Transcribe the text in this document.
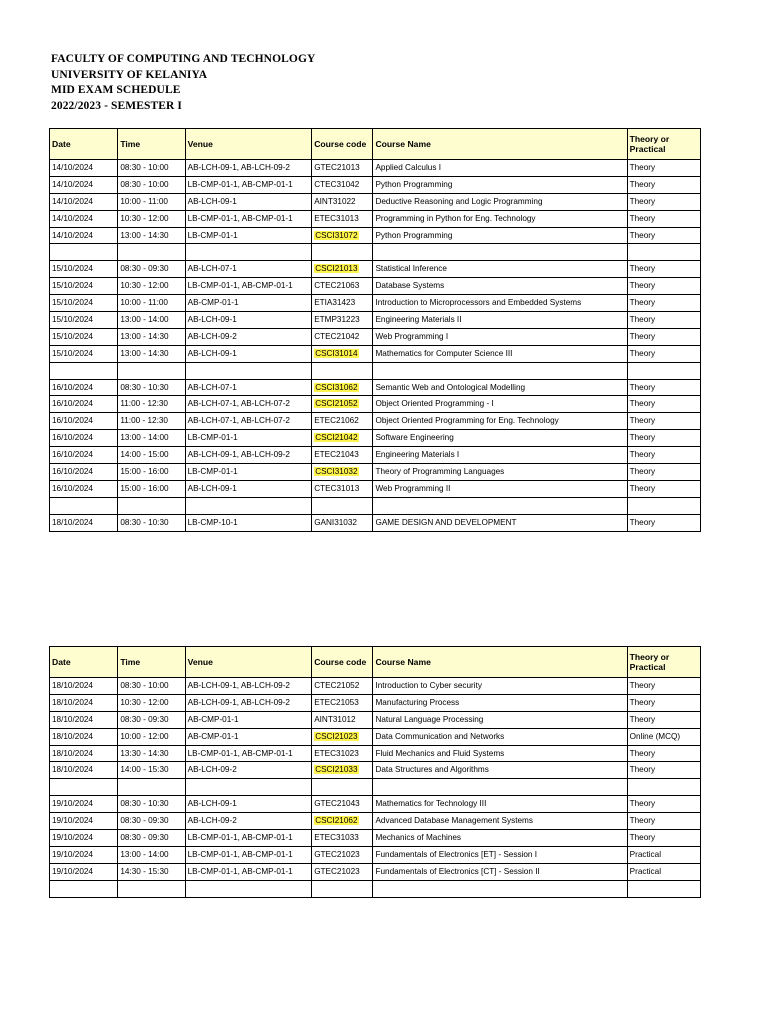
FACULTY OF COMPUTING AND TECHNOLOGY
UNIVERSITY OF KELANIYA
MID EXAM SCHEDULE
2022/2023 - SEMESTER I
Date	Time	Venue	Course code	Course Name	Theory or Practical
14/10/2024	08:30 - 10:00	AB-LCH-09-1, AB-LCH-09-2	GTEC21013	Applied Calculus I	Theory
14/10/2024	08:30 - 10:00	LB-CMP-01-1, AB-CMP-01-1	CTEC31042	Python Programming	Theory
14/10/2024	10:00 - 11:00	AB-LCH-09-1	AINT31022	Deductive Reasoning and Logic Programming	Theory
14/10/2024	10:30 - 12:00	LB-CMP-01-1, AB-CMP-01-1	ETEC31013	Programming in Python for Eng. Technology	Theory
14/10/2024	13:00 - 14:30	LB-CMP-01-1	CSCI31072	Python Programming	Theory

15/10/2024	08:30 - 09:30	AB-LCH-07-1	CSCI21013	Statistical Inference	Theory
15/10/2024	10:30 - 12:00	LB-CMP-01-1, AB-CMP-01-1	CTEC21063	Database Systems	Theory
15/10/2024	10:00 - 11:00	AB-CMP-01-1	ETIA31423	Introduction to Microprocessors and Embedded Systems	Theory
15/10/2024	13:00 - 14:00	AB-LCH-09-1	ETMP31223	Engineering Materials II	Theory
15/10/2024	13:00 - 14:30	AB-LCH-09-2	CTEC21042	Web Programming I	Theory
15/10/2024	13:00 - 14:30	AB-LCH-09-1	CSCI31014	Mathematics for Computer Science III	Theory

16/10/2024	08:30 - 10:30	AB-LCH-07-1	CSCI31062	Semantic Web and Ontological Modelling	Theory
16/10/2024	11:00 - 12:30	AB-LCH-07-1, AB-LCH-07-2	CSCI21052	Object Oriented Programming - I	Theory
16/10/2024	11:00 - 12:30	AB-LCH-07-1, AB-LCH-07-2	ETEC21062	Object Oriented Programming for Eng. Technology	Theory
16/10/2024	13:00 - 14:00	LB-CMP-01-1	CSCI21042	Software Engineering	Theory
16/10/2024	14:00 - 15:00	AB-LCH-09-1, AB-LCH-09-2	ETEC21043	Engineering Materials I	Theory
16/10/2024	15:00 - 16:00	LB-CMP-01-1	CSCI31032	Theory of Programming Languages	Theory
16/10/2024	15:00 - 16:00	AB-LCH-09-1	CTEC31013	Web Programming II	Theory

18/10/2024	08:30 - 10:30	LB-CMP-10-1	GANI31032	GAME DESIGN AND DEVELOPMENT	Theory
Date	Time	Venue	Course code	Course Name	Theory or Practical
18/10/2024	08:30 - 10:00	AB-LCH-09-1, AB-LCH-09-2	CTEC21052	Introduction to Cyber security	Theory
18/10/2024	10:30 - 12:00	AB-LCH-09-1, AB-LCH-09-2	ETEC21053	Manufacturing Process	Theory
18/10/2024	08:30 - 09:30	AB-CMP-01-1	AINT31012	Natural Language Processing	Theory
18/10/2024	10:00 - 12:00	AB-CMP-01-1	CSCI21023	Data Communication and Networks	Online (MCQ)
18/10/2024	13:30 - 14:30	LB-CMP-01-1, AB-CMP-01-1	ETEC31023	Fluid Mechanics and Fluid Systems	Theory
18/10/2024	14:00 - 15:30	AB-LCH-09-2	CSCI21033	Data Structures and Algorithms	Theory

19/10/2024	08:30 - 10:30	AB-LCH-09-1	GTEC21043	Mathematics for Technology III	Theory
19/10/2024	08:30 - 09:30	AB-LCH-09-2	CSCI21062	Advanced Database Management Systems	Theory
19/10/2024	08:30 - 09:30	LB-CMP-01-1, AB-CMP-01-1	ETEC31033	Mechanics of Machines	Theory
19/10/2024	13:00 - 14:00	LB-CMP-01-1, AB-CMP-01-1	GTEC21023	Fundamentals of Electronics [ET] - Session I	Practical
19/10/2024	14:30 - 15:30	LB-CMP-01-1, AB-CMP-01-1	GTEC21023	Fundamentals of Electronics [CT] - Session II	Practical
